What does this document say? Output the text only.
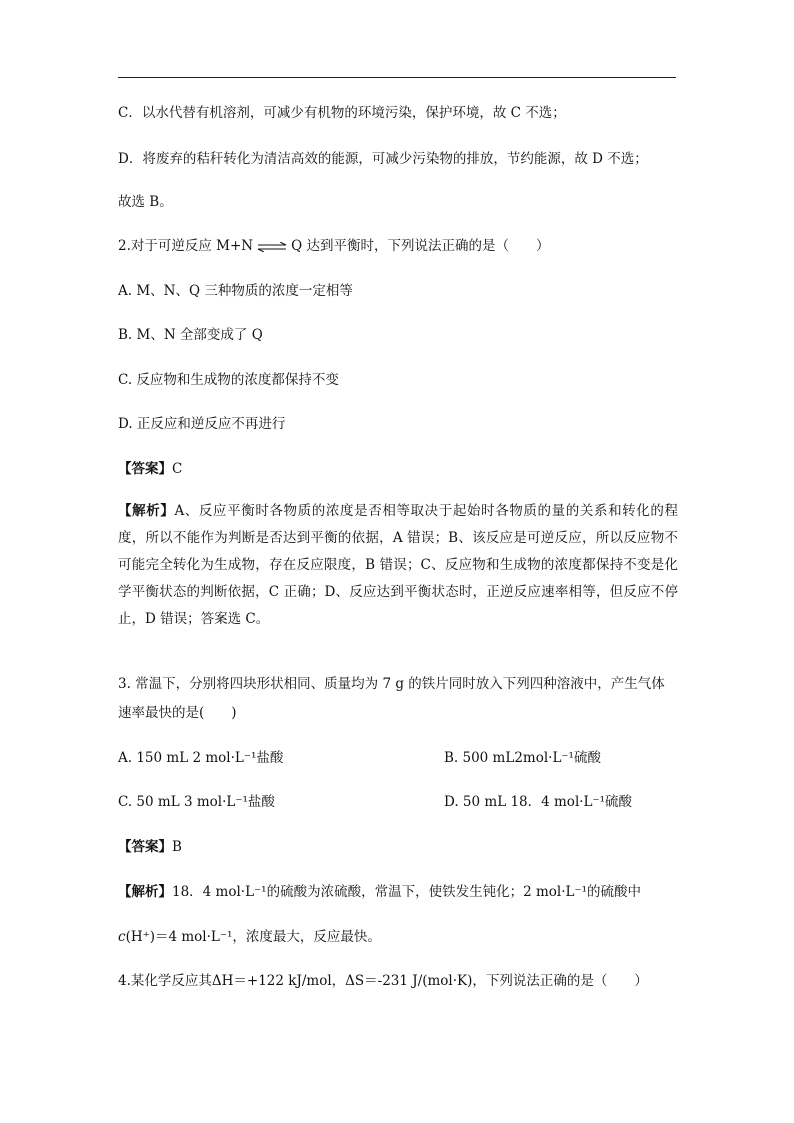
C．以水代替有机溶剂，可减少有机物的环境污染，保护环境，故 C 不选；
D．将废弃的秸秆转化为清洁高效的能源，可减少污染物的排放，节约能源，故 D 不选；
故选 B。
2.对于可逆反应 M+N ⇌ Q 达到平衡时，下列说法正确的是（　　）
A. M、N、Q 三种物质的浓度一定相等
B. M、N 全部变成了 Q
C. 反应物和生成物的浓度都保持不变
D. 正反应和逆反应不再进行
【答案】C
【解析】A、反应平衡时各物质的浓度是否相等取决于起始时各物质的量的关系和转化的程度，所以不能作为判断是否达到平衡的依据，A 错误；B、该反应是可逆反应，所以反应物不可能完全转化为生成物，存在反应限度，B 错误；C、反应物和生成物的浓度都保持不变是化学平衡状态的判断依据，C 正确；D、反应达到平衡状态时，正逆反应速率相等，但反应不停止，D 错误；答案选 C。
3. 常温下，分别将四块形状相同、质量均为 7 g 的铁片同时放入下列四种溶液中，产生气体
速率最快的是(　　)
A. 150 mL 2 mol·L⁻¹盐酸	B. 500 mL2mol·L⁻¹硫酸
C. 50 mL 3 mol·L⁻¹盐酸	D. 50 mL 18．4 mol·L⁻¹硫酸
【答案】B
【解析】18．4 mol·L⁻¹的硫酸为浓硫酸，常温下，使铁发生钝化；2 mol·L⁻¹的硫酸中
c(H⁺)＝4 mol·L⁻¹，浓度最大，反应最快。
4.某化学反应其ΔH＝+122 kJ/mol，ΔS＝-231 J/(mol·K)，下列说法正确的是（　　）
